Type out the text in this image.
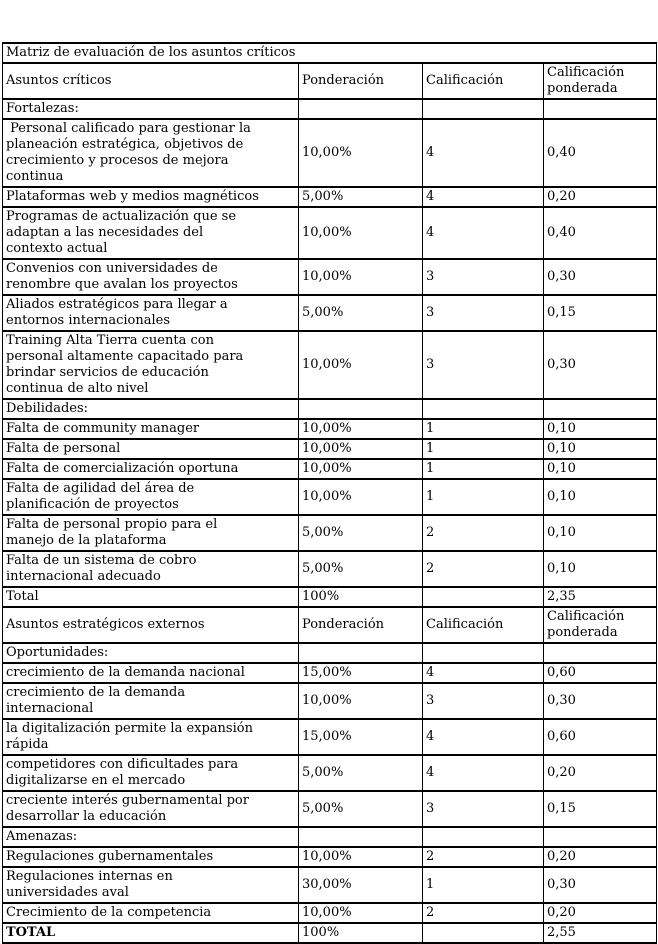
Matriz de evaluación de los asuntos críticos			
Asuntos críticos	Ponderación	Calificación	Calificación ponderada
Fortalezas:			
Personal calificado para gestionar la planeación estratégica, objetivos de crecimiento y procesos de mejora continua	10,00%	4	0,40
Plataformas web y medios magnéticos	5,00%	4	0,20
Programas de actualización que se adaptan a las necesidades del contexto actual	10,00%	4	0,40
Convenios con universidades de renombre que avalan los proyectos	10,00%	3	0,30
Aliados estratégicos para llegar a entornos internacionales	5,00%	3	0,15
Training Alta Tierra cuenta con personal altamente capacitado para brindar servicios de educación continua de alto nivel	10,00%	3	0,30
Debilidades:			
Falta de community manager	10,00%	1	0,10
Falta de personal	10,00%	1	0,10
Falta de comercialización oportuna	10,00%	1	0,10
Falta de agilidad del área de planificación de proyectos	10,00%	1	0,10
Falta de personal propio para el manejo de la plataforma	5,00%	2	0,10
Falta de un sistema de cobro internacional adecuado	5,00%	2	0,10
Total	100%		2,35
Asuntos estratégicos externos	Ponderación	Calificación	Calificación ponderada
Oportunidades:			
crecimiento de la demanda nacional	15,00%	4	0,60
crecimiento de la demanda internacional	10,00%	3	0,30
la digitalización permite la expansión rápida	15,00%	4	0,60
competidores con dificultades para digitalizarse en el mercado	5,00%	4	0,20
creciente interés gubernamental por desarrollar la educación	5,00%	3	0,15
Amenazas:			
Regulaciones gubernamentales	10,00%	2	0,20
Regulaciones internas en universidades aval	30,00%	1	0,30
Crecimiento de la competencia	10,00%	2	0,20
TOTAL	100%		2,55
